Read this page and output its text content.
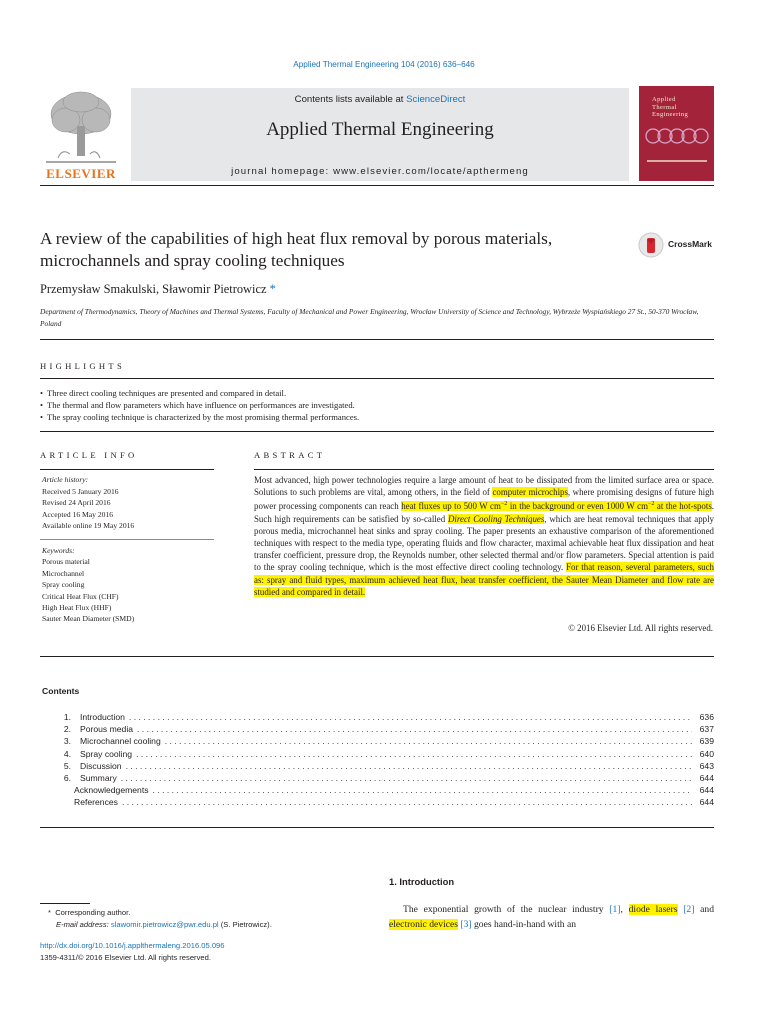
Applied Thermal Engineering 104 (2016) 636–646
ELSEVIER
Contents lists available at ScienceDirect
Applied Thermal Engineering
journal homepage: www.elsevier.com/locate/apthermeng
Applied
Thermal
Engineering
A review of the capabilities of high heat flux removal by porous materials, microchannels and spray cooling techniques
CrossMark
Przemysław Smakulski, Sławomir Pietrowicz *
Department of Thermodynamics, Theory of Machines and Thermal Systems, Faculty of Mechanical and Power Engineering, Wrocław University of Science and Technology, Wybrzeże Wyspiańskiego 27 St., 50-370 Wrocław, Poland
HIGHLIGHTS
• Three direct cooling techniques are presented and compared in detail.
• The thermal and flow parameters which have influence on performances are investigated.
• The spray cooling technique is characterized by the most promising thermal performances.
ARTICLE INFO
Article history:
Received 5 January 2016
Revised 24 April 2016
Accepted 16 May 2016
Available online 19 May 2016
Keywords:
Porous material
Microchannel
Spray cooling
Critical Heat Flux (CHF)
High Heat Flux (HHF)
Sauter Mean Diameter (SMD)
ABSTRACT
Most advanced, high power technologies require a large amount of heat to be dissipated from the limited surface area or space. Solutions to such problems are vital, among others, in the field of computer microchips, where promising designs of future high power processing components can reach heat fluxes up to 500 W $cm^{-2}$ in the background or even 1000 W $cm^{-2}$ at the hot-spots. Such high requirements can be satisfied by so-called Direct Cooling Techniques, which are heat removal techniques that apply porous media, microchannel heat sinks and spray cooling. The paper presents an exhaustive comparison of the aforementioned techniques with respect to the media type, operating fluids and flow character, maximal achievable heat flux dissipation and heat transfer coefficient, pressure drop, the Reynolds number, other selected thermal and/or flow parameters. Special attention is paid to the spray cooling technique, which is the most effective direct cooling technology. For that reason, several parameters, such as: spray and fluid types, maximum achieved heat flux, heat transfer coefficient, the Sauter Mean Diameter and flow rate are studied and compared in detail.
© 2016 Elsevier Ltd. All rights reserved.
Contents
1.	Introduction . . .	636
2.	Porous media . . .	637
3.	Microchannel cooling . . .	639
4.	Spray cooling . . .	640
5.	Discussion . . .	643
6.	Summary . . .	644
Acknowledgements . . .	644
References . . .	644
1. Introduction
The exponential growth of the nuclear industry [1], diode lasers [2] and electronic devices [3] goes hand-in-hand with an
* Corresponding author.
E-mail address: slawomir.pietrowicz@pwr.edu.pl (S. Pietrowicz).
http://dx.doi.org/10.1016/j.applthermaleng.2016.05.096
1359-4311/© 2016 Elsevier Ltd. All rights reserved.
